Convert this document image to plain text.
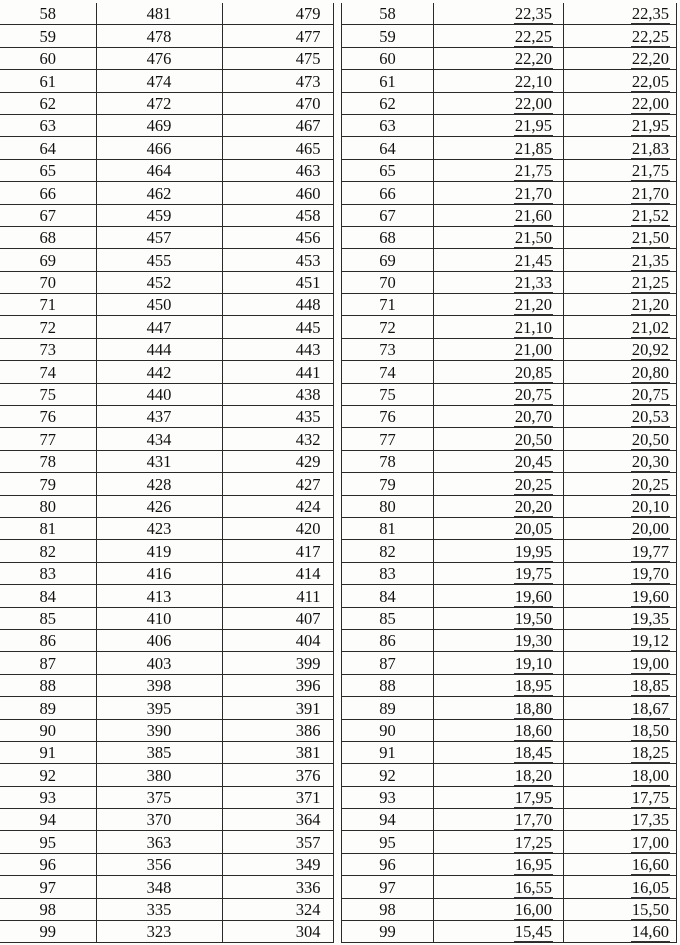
58	481	479
59	478	477
60	476	475
61	474	473
62	472	470
63	469	467
64	466	465
65	464	463
66	462	460
67	459	458
68	457	456
69	455	453
70	452	451
71	450	448
72	447	445
73	444	443
74	442	441
75	440	438
76	437	435
77	434	432
78	431	429
79	428	427
80	426	424
81	423	420
82	419	417
83	416	414
84	413	411
85	410	407
86	406	404
87	403	399
88	398	396
89	395	391
90	390	386
91	385	381
92	380	376
93	375	371
94	370	364
95	363	357
96	356	349
97	348	336
98	335	324
99	323	304
58	22,35	22,35
59	22,25	22,25
60	22,20	22,20
61	22,10	22,05
62	22,00	22,00
63	21,95	21,95
64	21,85	21,83
65	21,75	21,75
66	21,70	21,70
67	21,60	21,52
68	21,50	21,50
69	21,45	21,35
70	21,33	21,25
71	21,20	21,20
72	21,10	21,02
73	21,00	20,92
74	20,85	20,80
75	20,75	20,75
76	20,70	20,53
77	20,50	20,50
78	20,45	20,30
79	20,25	20,25
80	20,20	20,10
81	20,05	20,00
82	19,95	19,77
83	19,75	19,70
84	19,60	19,60
85	19,50	19,35
86	19,30	19,12
87	19,10	19,00
88	18,95	18,85
89	18,80	18,67
90	18,60	18,50
91	18,45	18,25
92	18,20	18,00
93	17,95	17,75
94	17,70	17,35
95	17,25	17,00
96	16,95	16,60
97	16,55	16,05
98	16,00	15,50
99	15,45	14,60
